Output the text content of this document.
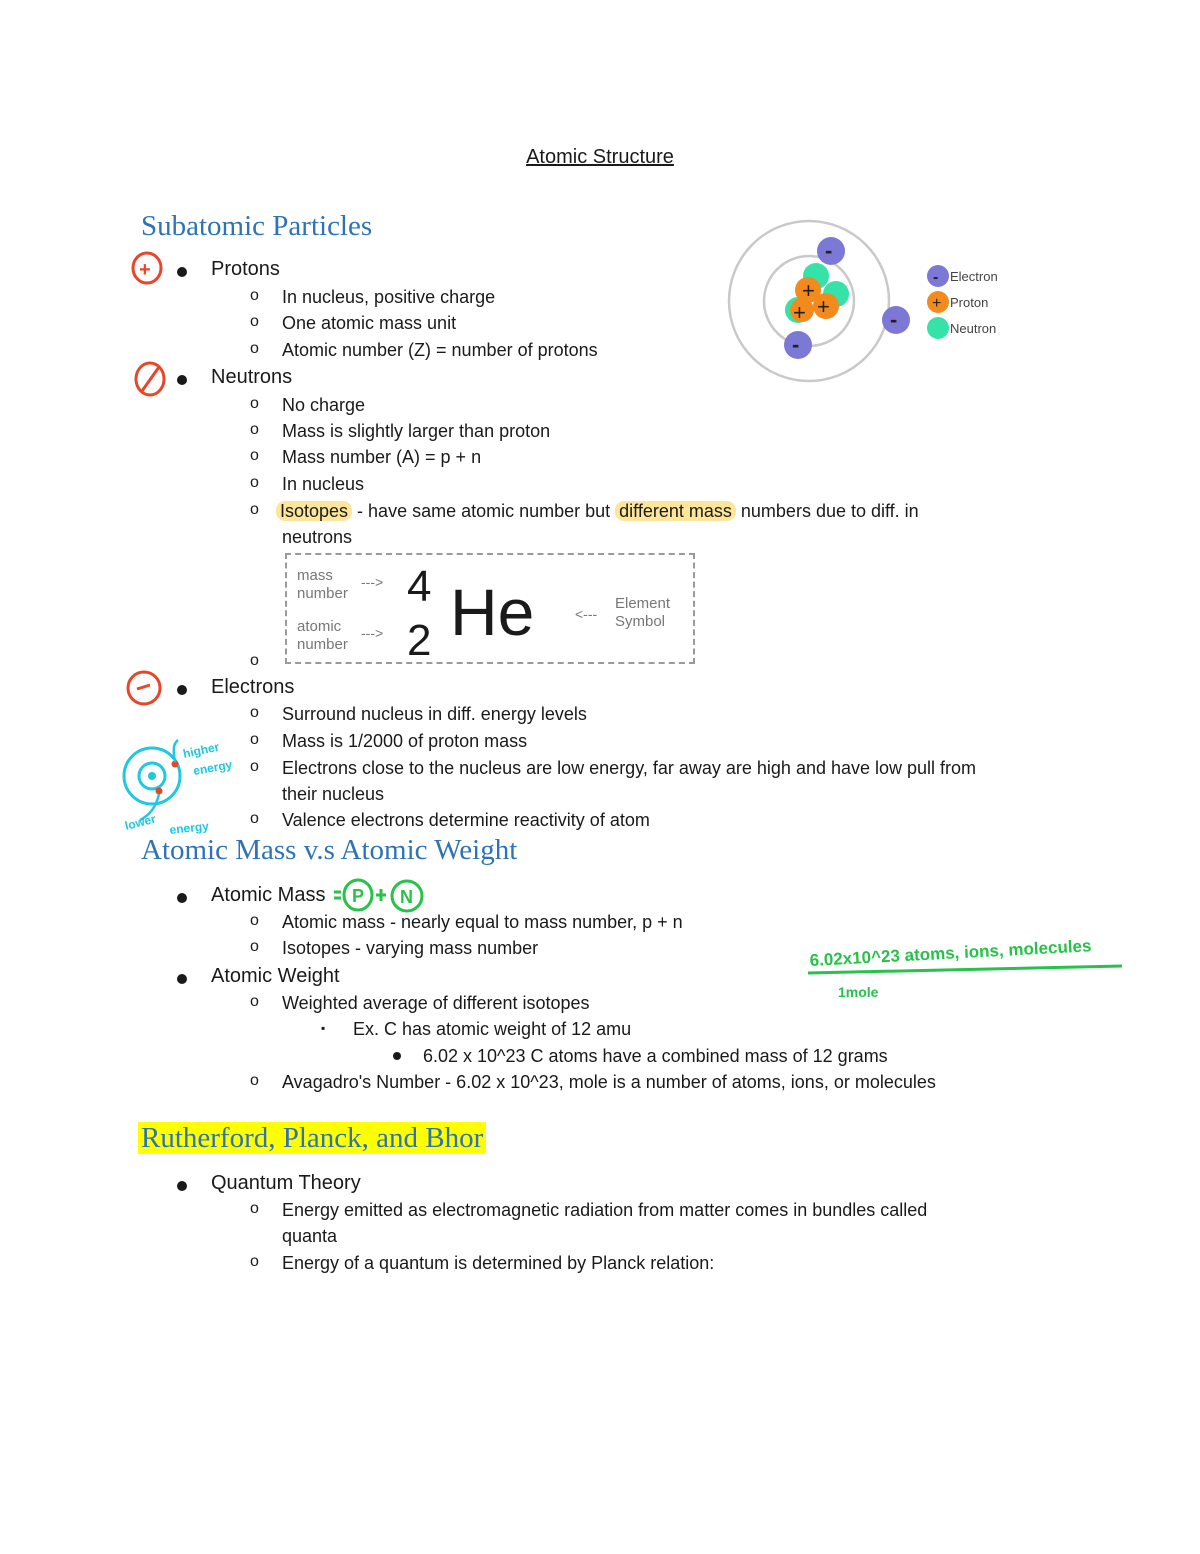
Atomic Structure
Subatomic Particles
Protons
o In nucleus, positive charge
o One atomic mass unit
o Atomic number (Z) = number of protons
Neutrons
o No charge
o Mass is slightly larger than proton
o Mass number (A) = p + n
o In nucleus
o Isotopes - have same atomic number but different mass numbers due to diff. in
neutrons
o
mass number
--->
atomic number
--->
4
2 He	<---
Element Symbol
Electrons
o Surround nucleus in diff. energy levels
o Mass is 1/2000 of proton mass
o Electrons close to the nucleus are low energy, far away are high and have low pull from
their nucleus
o Valence electrons determine reactivity of atom
Atomic Mass v.s Atomic Weight
Atomic Mass
o Atomic mass - nearly equal to mass number, p + n
o Isotopes - varying mass number
Atomic Weight
o Weighted average of different isotopes
▪ Ex. C has atomic weight of 12 amu
6.02 x 10^23 C atoms have a combined mass of 12 grams
o Avagadro's Number - 6.02 x 10^23, mole is a number of atoms, ions, or molecules
Rutherford, Planck, and Bhor
Quantum Theory
o Energy emitted as electromagnetic radiation from matter comes in bundles called
quanta
o Energy of a quantum is determined by Planck relation:
+
+ +
-
-
-
- Electron
+ Proton
Neutron
+
higher
energy
lower energy
P N
6.02x10^23 atoms, ions, molecules
1mole
